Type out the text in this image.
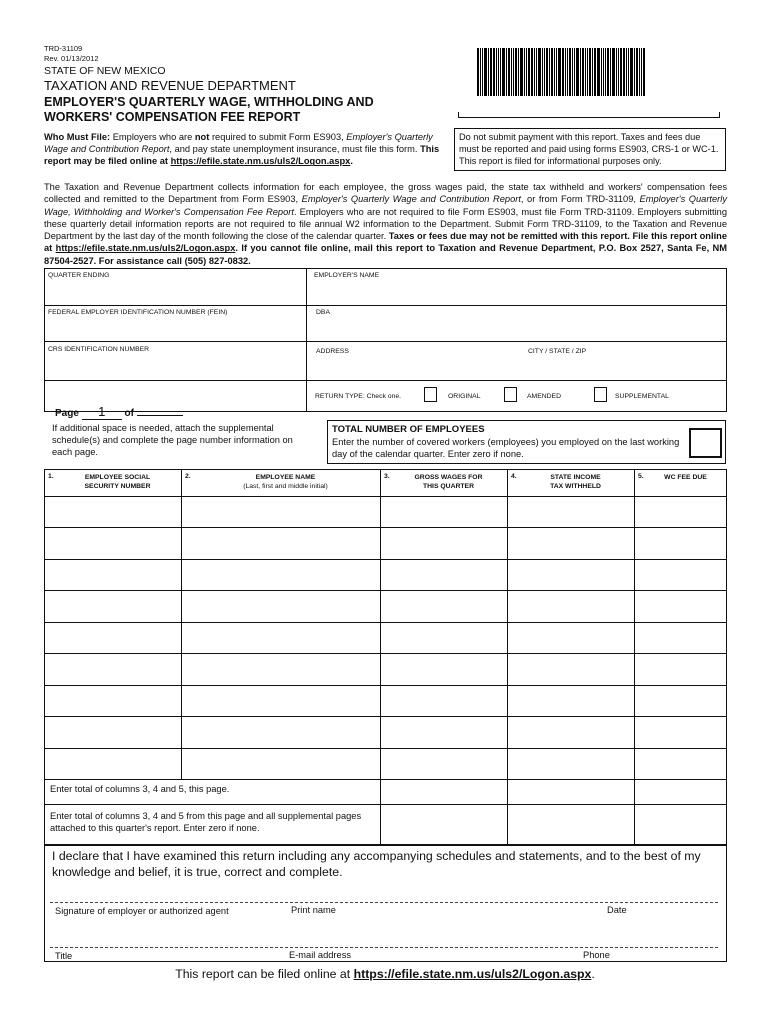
TRD-31109
Rev. 01/13/2012
STATE OF NEW MEXICO
TAXATION AND REVENUE DEPARTMENT
EMPLOYER'S QUARTERLY WAGE, WITHHOLDING AND
WORKERS' COMPENSATION FEE REPORT
Who Must File: Employers who are not required to submit Form ES903, Employer's Quarterly Wage and Contribution Report, and pay state unemployment insurance, must file this form. This report may be filed online at https://efile.state.nm.us/uls2/Logon.aspx.
Do not submit payment with this report. Taxes and fees due must be reported and paid using forms ES903, CRS-1 or WC-1. This report is filed for informational purposes only.
The Taxation and Revenue Department collects information for each employee, the gross wages paid, the state tax withheld and workers' compensation fees collected and remitted to the Department from Form ES903, Employer's Quarterly Wage and Contribution Report, or from Form TRD-31109, Employer's Quarterly Wage, Withholding and Worker's Compensation Fee Report. Employers who are not required to file Form ES903, must file Form TRD-31109. Employers submitting these quarterly detail information reports are not required to file annual W2 information to the Department. Submit Form TRD-31109, to the Taxation and Revenue Department by the last day of the month following the close of the calendar quarter. Taxes or fees due may not be remitted with this report. File this report online at https://efile.state.nm.us/uls2/Logon.aspx. If you cannot file online, mail this report to Taxation and Revenue Department, P.O. Box 2527, Santa Fe, NM 87504-2527. For assistance call (505) 827-0832.
QUARTER ENDING	EMPLOYER'S NAME
FEDERAL EMPLOYER IDENTIFICATION NUMBER (FEIN)	DBA
CRS IDENTIFICATION NUMBER	ADDRESS	CITY / STATE / ZIP
RETURN TYPE: Check one.	ORIGINAL	AMENDED	SUPPLEMENTAL
Page 1 of
If additional space is needed, attach the supplemental schedule(s) and complete the page number information on each page.
TOTAL NUMBER OF EMPLOYEES
Enter the number of covered workers (employees) you employed on the last working day of the calendar quarter. Enter zero if none.
1.	EMPLOYEE SOCIAL
SECURITY NUMBER
2.	EMPLOYEE NAME
(Last, first and middle initial)
3.	GROSS WAGES FOR
THIS QUARTER
4.	STATE INCOME
TAX WITHHELD
5.	WC FEE DUE
Enter total of columns 3, 4 and 5, this page.
Enter total of columns 3, 4 and 5 from this page and all supplemental pages attached to this quarter's report. Enter zero if none.
I declare that I have examined this return including any accompanying schedules and statements, and to the best of my knowledge and belief, it is true, correct and complete.
Signature of employer or authorized agent	Print name	Date
Title	E-mail address	Phone
This report can be filed online at https://efile.state.nm.us/uls2/Logon.aspx.
